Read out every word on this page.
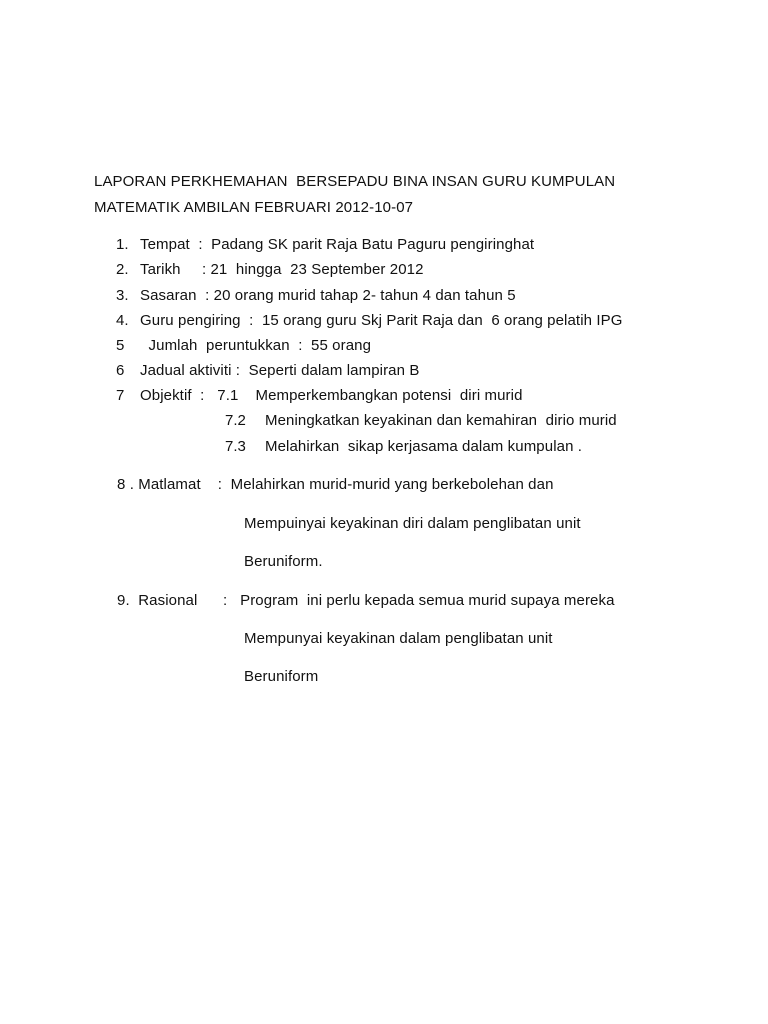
LAPORAN PERKHEMAHAN  BERSEPADU BINA INSAN GURU KUMPULAN
MATEMATIK AMBILAN FEBRUARI 2012-10-07
1. Tempat  :  Padang SK parit Raja Batu Paguru pengiringhat
2. Tarikh     : 21  hingga  23 September 2012
3. Sasaran  : 20 orang murid tahap 2- tahun 4 dan tahun 5
4. Guru pengiring  :  15 orang guru Skj Parit Raja dan  6 orang pelatih IPG
5 Jumlah  peruntukkan  :  55 orang
6 Jadual aktiviti :  Seperti dalam lampiran B
7 Objektif  :   7.1    Memperkembangkan potensi  diri murid
7.2 Meningkatkan keyakinan dan kemahiran  dirio murid
7.3 Melahirkan  sikap kerjasama dalam kumpulan .
8 . Matlamat    :  Melahirkan murid-murid yang berkebolehan dan
Mempuinyai keyakinan diri dalam penglibatan unit
Beruniform.
9.  Rasional      :   Program  ini perlu kepada semua murid supaya mereka
Mempunyai keyakinan dalam penglibatan unit
Beruniform
